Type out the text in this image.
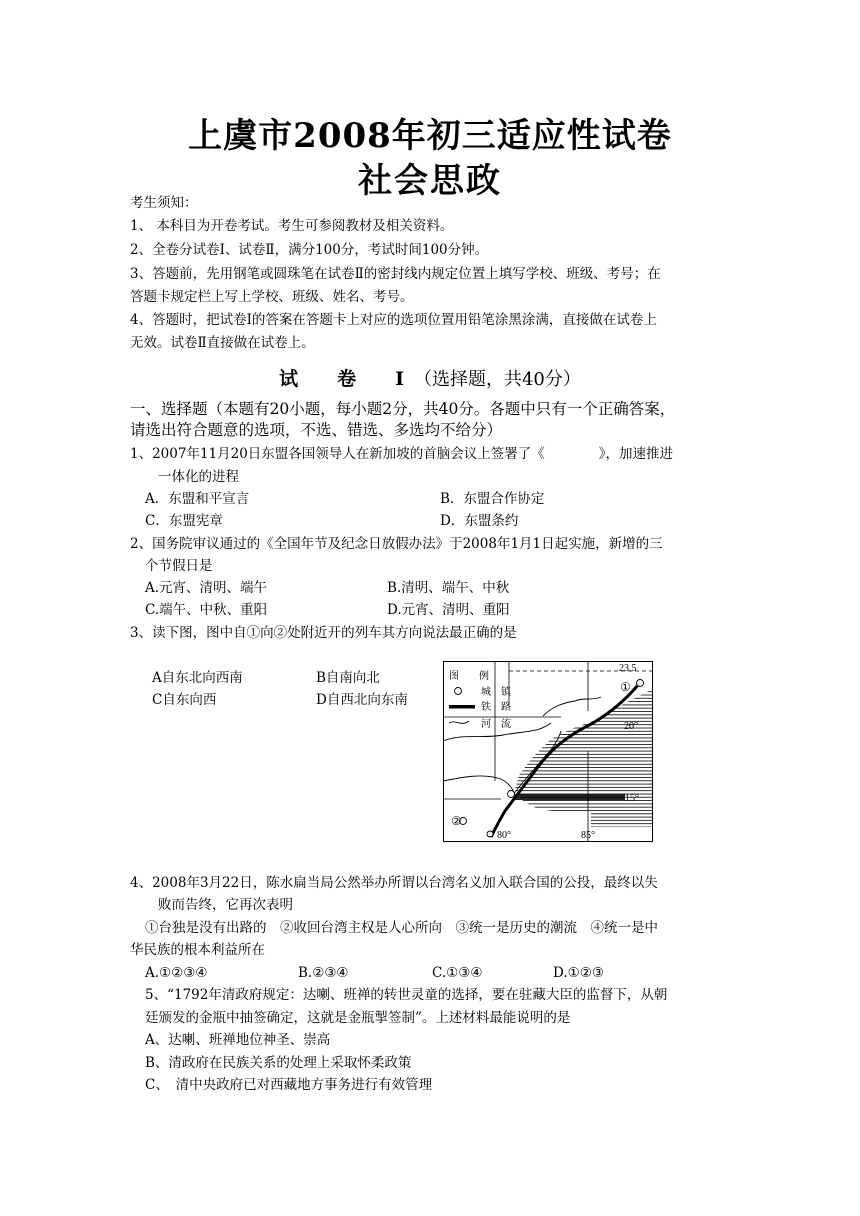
上虞市2008年初三适应性试卷
社会思政
考生须知：
1、 本科目为开卷考试。考生可参阅教材及相关资料。
2、全卷分试卷Ⅰ、试卷Ⅱ，满分100分，考试时间100分钟。
3、答题前，先用钢笔或圆珠笔在试卷Ⅱ的密封线内规定位置上填写学校、班级、考号；在
答题卡规定栏上写上学校、班级、姓名、考号。
4、答题时，把试卷Ⅰ的答案在答题卡上对应的选项位置用铅笔涂黑涂满，直接做在试卷上
无效。试卷Ⅱ直接做在试卷上。
试　卷　Ⅰ（选择题，共40分）
一、选择题（本题有20小题，每小题2分，共40分。各题中只有一个正确答案，
请选出符合题意的选项，不选、错选、多选均不给分）
1、2007年11月20日东盟各国领导人在新加坡的首脑会议上签署了《　　　　》，加速推进
一体化的进程
A．东盟和平宣言	B．东盟合作协定
C．东盟宪章	D．东盟条约
2、国务院审议通过的《全国年节及纪念日放假办法》于2008年1月1日起实施，新增的三
个节假日是
A.元宵、清明、端午	B.清明、端午、中秋
C.端午、中秋、重阳	D.元宵、清明、重阳
3、读下图，图中自①向②处附近开的列车其方向说法最正确的是
A自东北向西南	B自南向北
C自东向西	D自西北向东南
图　　例
城　镇
铁　路
河　流
23.5
①
20°
15°
②
80°	85°
4、2008年3月22日，陈水扁当局公然举办所谓以台湾名义加入联合国的公投，最终以失
败而告终，它再次表明
①台独是没有出路的　②收回台湾主权是人心所向　③统一是历史的潮流　④统一是中
华民族的根本利益所在
A.①②③④	B.②③④	C.①③④	D.①②③
5、“1792年清政府规定：达喇、班禅的转世灵童的选择，要在驻藏大臣的监督下，从朝
廷颁发的金瓶中抽签确定，这就是金瓶掣签制”。上述材料最能说明的是
A、达喇、班禅地位神圣、崇高
B、清政府在民族关系的处理上采取怀柔政策
C、　清中央政府已对西藏地方事务进行有效管理
